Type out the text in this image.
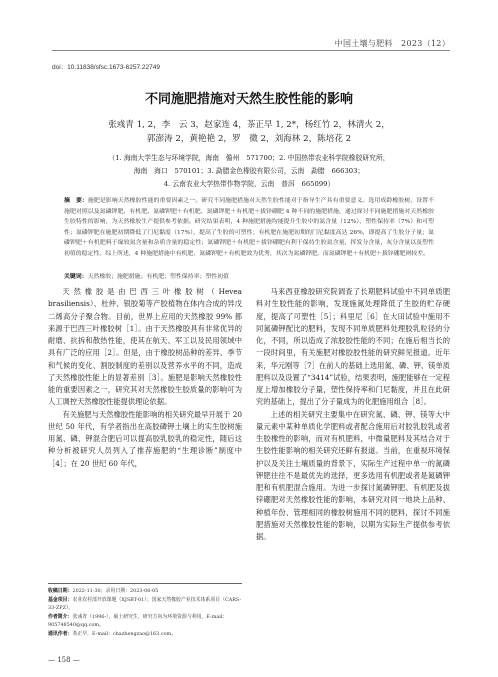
中国土壤与肥料　2023（12）
doi：10.11838/sfsc.1673-6257.22749
不同施肥措施对天然生胶性能的影响
张彧青 1, 2，李　云 3，赵家连 4，茶正早 1, 2*，杨红竹 2，林清火 2，
郭澎涛 2，黄艳艳 2，罗　微 2，刘海林 2，陈培花 2
（1. 海南大学生态与环境学院，海南　儋州　571700；2. 中国热带农业科学院橡胶研究所，
海南　海口　570101；3. 勐腊金色橡胶有限公司，云南　勐腊　666303；
4. 云南农业大学热带作物学院，云南　普洱　665099）
摘　要：施肥是影响天然橡胶性能的重要因素之一。研究不同施肥措施对天然生胶性能对于指导生产具有重要意义。选用成龄橡胶树，设置不施肥对照以及氮磷钾肥、有机肥、氮磷钾肥＋有机肥、氮磷钾肥＋有机肥＋拔锌硼肥 4 种不同的施肥措施，通过探讨不同施肥措施对天然橡胶生胶特性的影响，为天然橡胶生产提供参考依据。研究结果表明，4 种施肥措施均能提升生胶中的氮含量（12%），塑性保持率（7%）和可塑性；氮磷钾肥在施肥初期降低了门尼黏度（17%），提高了生胶的可塑性；有机肥在施肥初期的门尼黏度高达 26%，即提高了生胶分子量；氮磷钾肥＋有机肥料于缘较氮含量和杂质含量的稳定性；氮磷钾肥＋有机肥＋拔锌硼肥有利于保持生胶氮含量，挥发分含量，灰分含量以及塑性初值的稳定性。综上所述，4 种施肥措施中有机肥、氮磷钾肥＋有机肥效为优秀，其次为氮磷钾肥，而氮磷钾肥＋有机肥＋拔锌硼肥则较差。
关键词：天然橡胶；施肥措施；有机肥；塑性保持率；塑性初值

天然橡胶是由巴西三叶橡胶树（Hevea brasiliensis）、杜仲、银胶菊等产胶植物在体内合成的异戊二烯高分子聚合物。目前，世界上应用的天然橡胶 99% 都来源于巴西三叶橡胶树［1］。由于天然橡胶具有非常优异的耐磨、抗拆和散热性能，使其在航天、军工以及民用领域中具有广泛的应用［2］。但是，由于橡胶树品种的差异、季节和气候的变化、割胶制度的差别以及营养水平的不同，造成了天然橡胶性能上的显著差别［3］。施肥是影响天然橡胶性能的重要因素之一，研究其对天然橡胶生胶质量的影响可为人工调控天然橡胶性能提供理论依据。

有关施肥与天然橡胶性能影响的相关研究最早开展于 20 世纪 50 年代，有学者指出在高胶磷钾土壤上的实生胶树施用氮、磷、钾混合肥后可以提高胶乳胶乳的稳定性，随后这种分析被研究人员列入了推荐施肥的“生理诊断”制度中［4］；在 20 世纪 60 年代，

马来西亚橡胶研究院调查了长期肥料试验中不同单质肥料对生胶性能的影响，发现施氮处理降低了生胶的贮存硬度，提高了可塑性［5］；科里尼［6］在大田试验中施用不同氮磷钾配比的肥料，发现不同单质肥料处理胶乳粒径的分化，不同，所以造成了浓胶胶性能的不同；在施后相当长的一段时间里，有关施肥对橡胶胶性能的研究鲜见报道。近年来，华元刚等［7］在前人的基础上选用氮、磷、钾、镁单质肥料以及设置了“3414”试验，结果表明，施肥能够在一定程度上增加橡胶分子量，塑性保持率和门尼黏度，并且在此研究的基础上，提出了分子量成为的化肥施用组合［8］。

上述的相关研究主要集中在研究氮、磷、钾、镁等大中量元素中某种单质化学肥料或者配合施用后对胶乳胶乳或者生胶橡性的影响，而对有机肥料，中微量肥料及其结合对于生胶性能影响的相关研究还鲜有报道。当前，在重视环境保护以及关注土壤质量的背景下，实际生产过程中单一的氮磷钾肥往往不是最优先的选择，更多选用有机肥或者是氮磷钾肥和有机肥混合施用。为进一步探讨氮磷钾肥、有机肥及拔锌硼肥对天然橡胶性能的影响，本研究对同一地块上品种、种植年份、管理相同的橡胶树施用不同的肥料，探讨不同施肥措施对天然橡胶性能的影响，以期为实际生产提供参考依据。

收稿日期：2022-11-30；录用日期：2023-06-05
基金项目：农业农村部开放课题（XJSBT-01）；国家天然橡胶产业技术体系项目（CARS-33-ZPZ）。
作者简介：张彧青（1996-），硕士研究生，研究方向为环境资源与利用。E-mail：905748540@qq.com。
通讯作者：茶正早，E-mail：chazhengzao@163.com。
— 158 —
